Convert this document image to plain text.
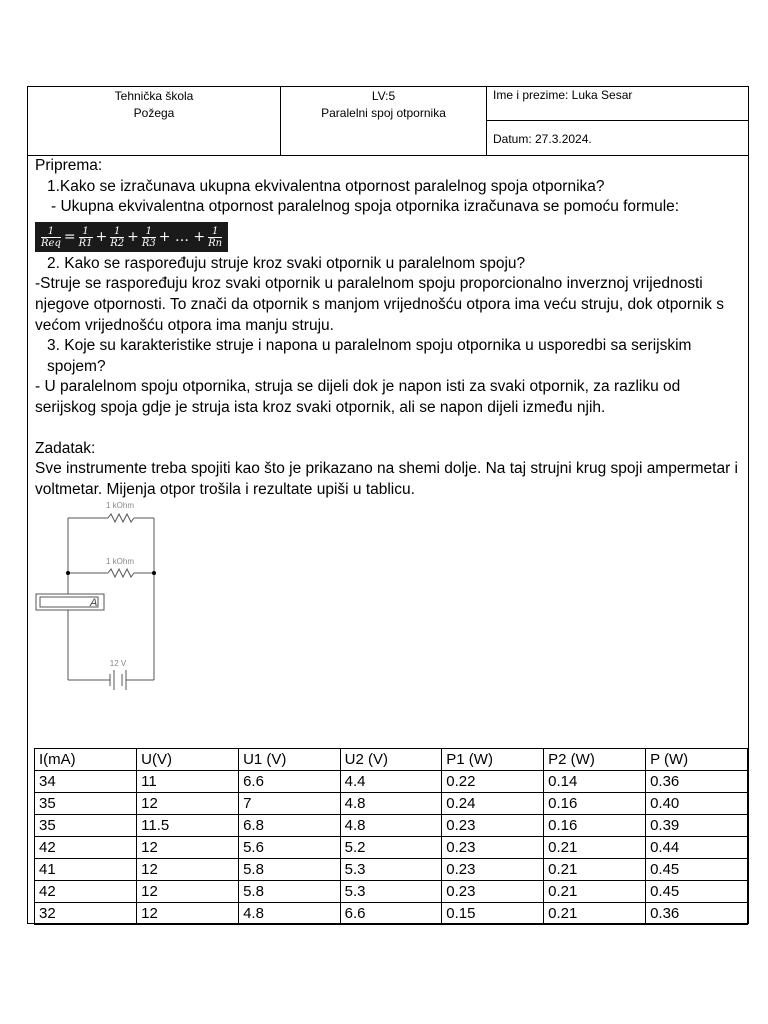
Tehnička škola
Požega
LV:5
Paralelni spoj otpornika
Ime i prezime: Luka Sesar
Datum: 27.3.2024.

Priprema:

1.Kako se izračunava ukupna ekvivalentna otpornost paralelnog spoja otpornika?

- Ukupna ekvivalentna otpornost paralelnog spoja otpornika izračunava se pomoću formule:

$\frac{1}{\text{Req}} = \frac{1}{R1} + \frac{1}{R2} + \frac{1}{R3}$ + … + $\frac{1}{Rn}$

2. Kako se raspoređuju struje kroz svaki otpornik u paralelnom spoju?

-Struje se raspoređuju kroz svaki otpornik u paralelnom spoju proporcionalno inverznoj vrijednosti njegove otpornosti. To znači da otpornik s manjom vrijednošću otpora ima veću struju, dok otpornik s većom vrijednošću otpora ima manju struju.

3. Koje su karakteristike struje i napona u paralelnom spoju otpornika u usporedbi sa serijskim spojem?

- U paralelnom spoju otpornika, struja se dijeli dok je napon isti za svaki otpornik, za razliku od serijskog spoja gdje je struja ista kroz svaki otpornik, ali se napon dijeli između njih.

Zadatak:

Sve instrumente treba spojiti kao što je prikazano na shemi dolje. Na taj strujni krug spoji ampermetar i voltmetar. Mijenja otpor trošila i rezultate upiši u tablicu.

1 kOhm
1 kOhm
A
12 V
I(mA)	U(V)	U1 (V)	U2 (V)	P1 (W)	P2 (W)	P (W)
34	11	6.6	4.4	0.22	0.14	0.36
35	12	7	4.8	0.24	0.16	0.40
35	11.5	6.8	4.8	0.23	0.16	0.39
42	12	5.6	5.2	0.23	0.21	0.44
41	12	5.8	5.3	0.23	0.21	0.45
42	12	5.8	5.3	0.23	0.21	0.45
32	12	4.8	6.6	0.15	0.21	0.36
